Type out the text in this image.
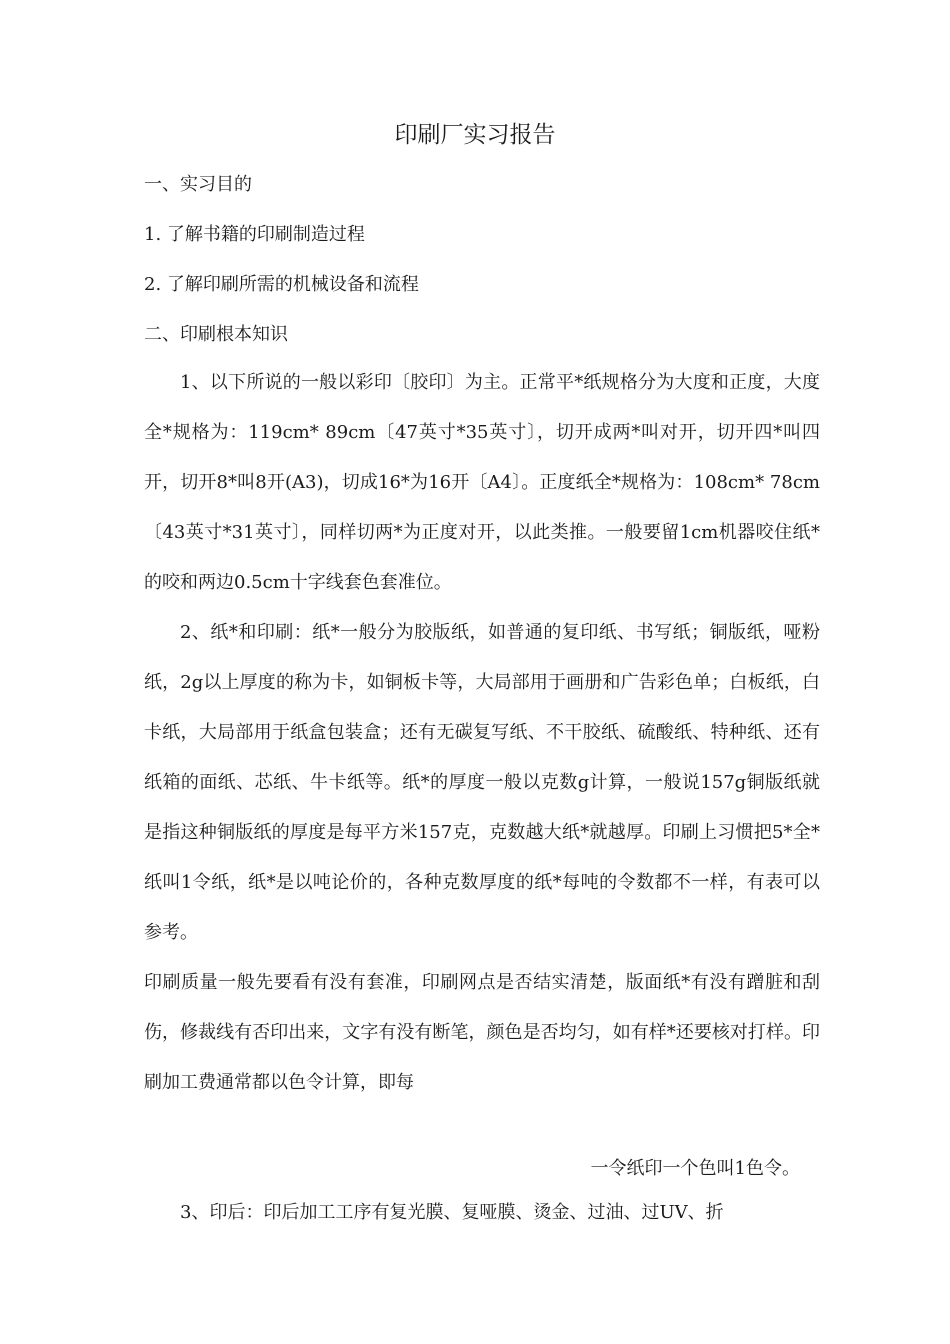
印刷厂实习报告
一、实习目的
1. 了解书籍的印刷制造过程
2. 了解印刷所需的机械设备和流程
二、印刷根本知识
1、以下所说的一般以彩印〔胶印〕为主。正常平*纸规格分为大度和正度，大度全*规格为：119cm* 89cm〔47英寸*35英寸〕，切开成两*叫对开，切开四*叫四开，切开8*叫8开(A3)，切成16*为16开〔A4〕。正度纸全*规格为：108cm* 78cm〔43英寸*31英寸〕，同样切两*为正度对开，以此类推。一般要留1cm机器咬住纸*的咬和两边0.5cm十字线套色套准位。
2、纸*和印刷：纸*一般分为胶版纸，如普通的复印纸、书写纸；铜版纸，哑粉纸，2g以上厚度的称为卡，如铜板卡等，大局部用于画册和广告彩色单；白板纸，白卡纸，大局部用于纸盒包装盒；还有无碳复写纸、不干胶纸、硫酸纸、特种纸、还有纸箱的面纸、芯纸、牛卡纸等。纸*的厚度一般以克数g计算，一般说157g铜版纸就是指这种铜版纸的厚度是每平方米157克，克数越大纸*就越厚。印刷上习惯把5*全*纸叫1令纸，纸*是以吨论价的，各种克数厚度的纸*每吨的令数都不一样，有表可以参考。
印刷质量一般先要看有没有套准，印刷网点是否结实清楚，版面纸*有没有蹭脏和刮伤，修裁线有否印出来，文字有没有断笔，颜色是否均匀，如有样*还要核对打样。印刷加工费通常都以色令计算，即每
一令纸印一个色叫1色令。
3、印后：印后加工工序有复光膜、复哑膜、烫金、过油、过UV、折
